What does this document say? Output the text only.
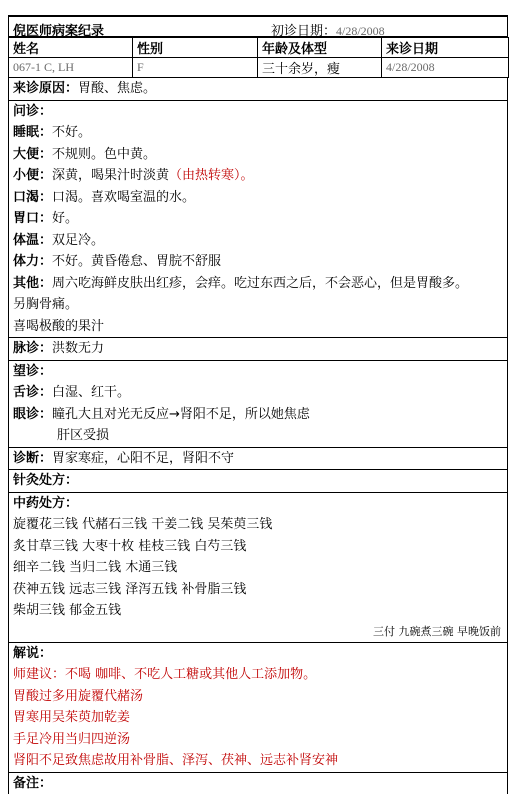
倪医师病案纪录	初诊日期：4/28/2008
姓名	性别	年龄及体型	来诊日期
067-1 C, LH	F	三十余岁，瘦	4/28/2008
来诊原因：胃酸、焦虑。
问诊：
睡眠：不好。
大便：不规则。色中黄。
小便：深黄，喝果汁时淡黄（由热转寒）。
口渴：口渴。喜欢喝室温的水。
胃口：好。
体温：双足冷。
体力：不好。黄昏倦怠、胃脘不舒服
其他：周六吃海鲜皮肤出红疹，会痒。吃过东西之后，不会恶心，但是胃酸多。
另胸骨痛。
喜喝极酸的果汁
脉诊：洪数无力
望诊：
舌诊：白湿、红干。
眼诊：瞳孔大且对光无反应→肾阳不足，所以她焦虑
肝区受损
诊断：胃家寒症，心阳不足，肾阳不守
针灸处方：
中药处方：
旋覆花三钱 代赭石三钱 干姜二钱 吴茱萸三钱
炙甘草三钱 大枣十枚 桂枝三钱 白芍三钱
细辛二钱 当归二钱 木通三钱
茯神五钱 远志三钱 泽泻五钱 补骨脂三钱
柴胡三钱 郁金五钱
三付 九碗煮三碗 早晚饭前
解说：
师建议：不喝 咖啡、不吃人工糖或其他人工添加物。
胃酸过多用旋覆代赭汤
胃寒用吴茱萸加乾姜
手足冷用当归四逆汤
肾阳不足致焦虑故用补骨脂、泽泻、茯神、远志补肾安神
备注：
